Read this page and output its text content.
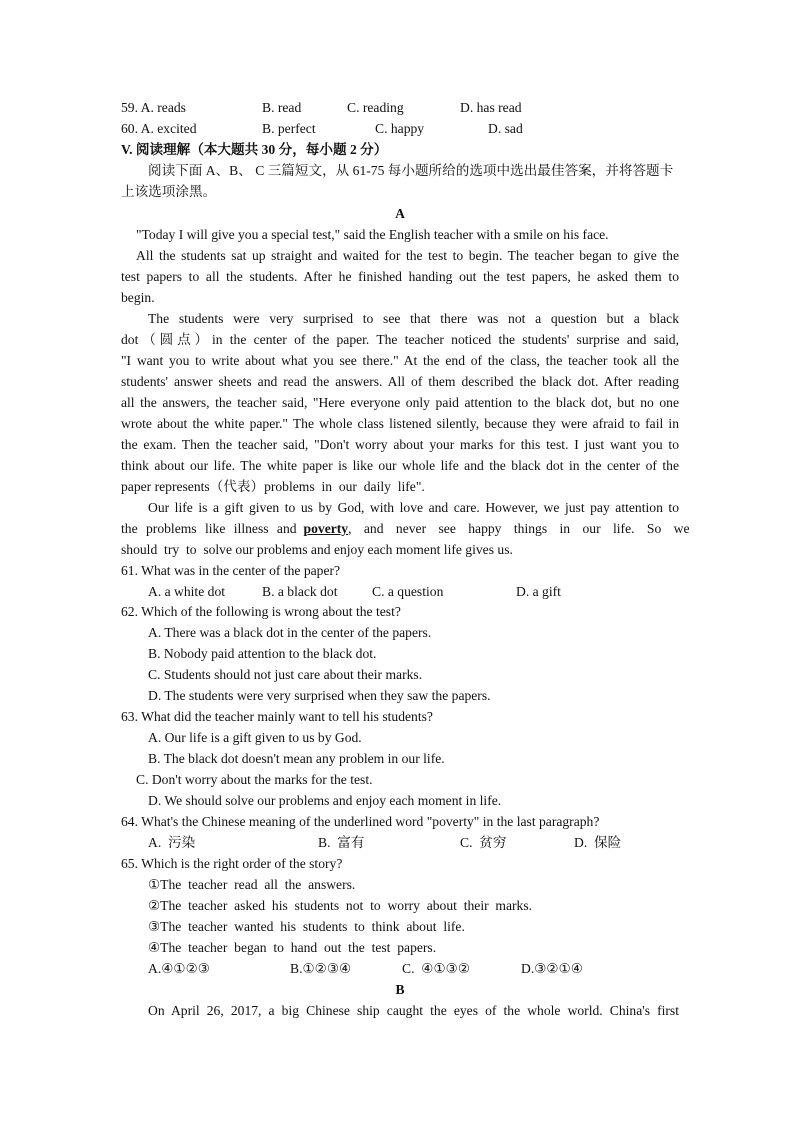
59. A. reads	B. read	C. reading	D. has read
60. A. excited	B. perfect	C. happy	D. sad
V. 阅读理解（本大题共 30 分，每小题 2 分）
阅读下面 A、B、 C 三篇短文，从 61-75 每小题所给的选项中选出最佳答案，并将答题卡
上该选项涂黑。
A
"Today I will give you a special test," said the English teacher with a smile on his face.
All the students sat up straight and waited for the test to begin. The teacher began to give the
test papers to all the students. After he finished handing out the test papers, he asked them to
begin.
The students were very surprised to see that there was not a question but a black
dot（圆点）in the center of the paper. The teacher noticed the students' surprise and said,
"I want you to write about what you see there." At the end of the class, the teacher took all the
students' answer sheets and read the answers. All of them described the black dot. After reading
all the answers, the teacher said, "Here everyone only paid attention to the black dot, but no one
wrote about the white paper." The whole class listened silently, because they were afraid to fail in
the exam. Then the teacher said, "Don't worry about your marks for this test. I just want you to
think about our life. The white paper is like our whole life and the black dot in the center of the
paper represents（代表）problems  in  our  daily  life".
Our life is a gift given to us by God, with love and care. However, we just pay attention to
the problems like illness and poverty, and never see happy things in our life. So we
should  try  to  solve our problems and enjoy each moment life gives us.
61. What was in the center of the paper?
A. a white dot	B. a black dot	C. a question	D. a gift
62. Which of the following is wrong about the test?
A. There was a black dot in the center of the papers.
B. Nobody paid attention to the black dot.
C. Students should not just care about their marks.
D. The students were very surprised when they saw the papers.
63. What did the teacher mainly want to tell his students?
A. Our life is a gift given to us by God.
B. The black dot doesn't mean any problem in our life.
C. Don't worry about the marks for the test.
D. We should solve our problems and enjoy each moment in life.
64. What's the Chinese meaning of the underlined word "poverty" in the last paragraph?
A.  污染	B.  富有	C.  贫穷	D.  保险
65. Which is the right order of the story?
①The  teacher  read  all  the  answers.
②The  teacher  asked  his  students  not  to  worry  about  their  marks.
③The  teacher  wanted  his  students  to  think  about  life.
④The  teacher  began  to  hand  out  the  test  papers.
A.④①②③	B.①②③④	C.  ④①③②	D.③②①④
B
On April 26, 2017, a big Chinese ship caught the eyes of the whole world. China's first
